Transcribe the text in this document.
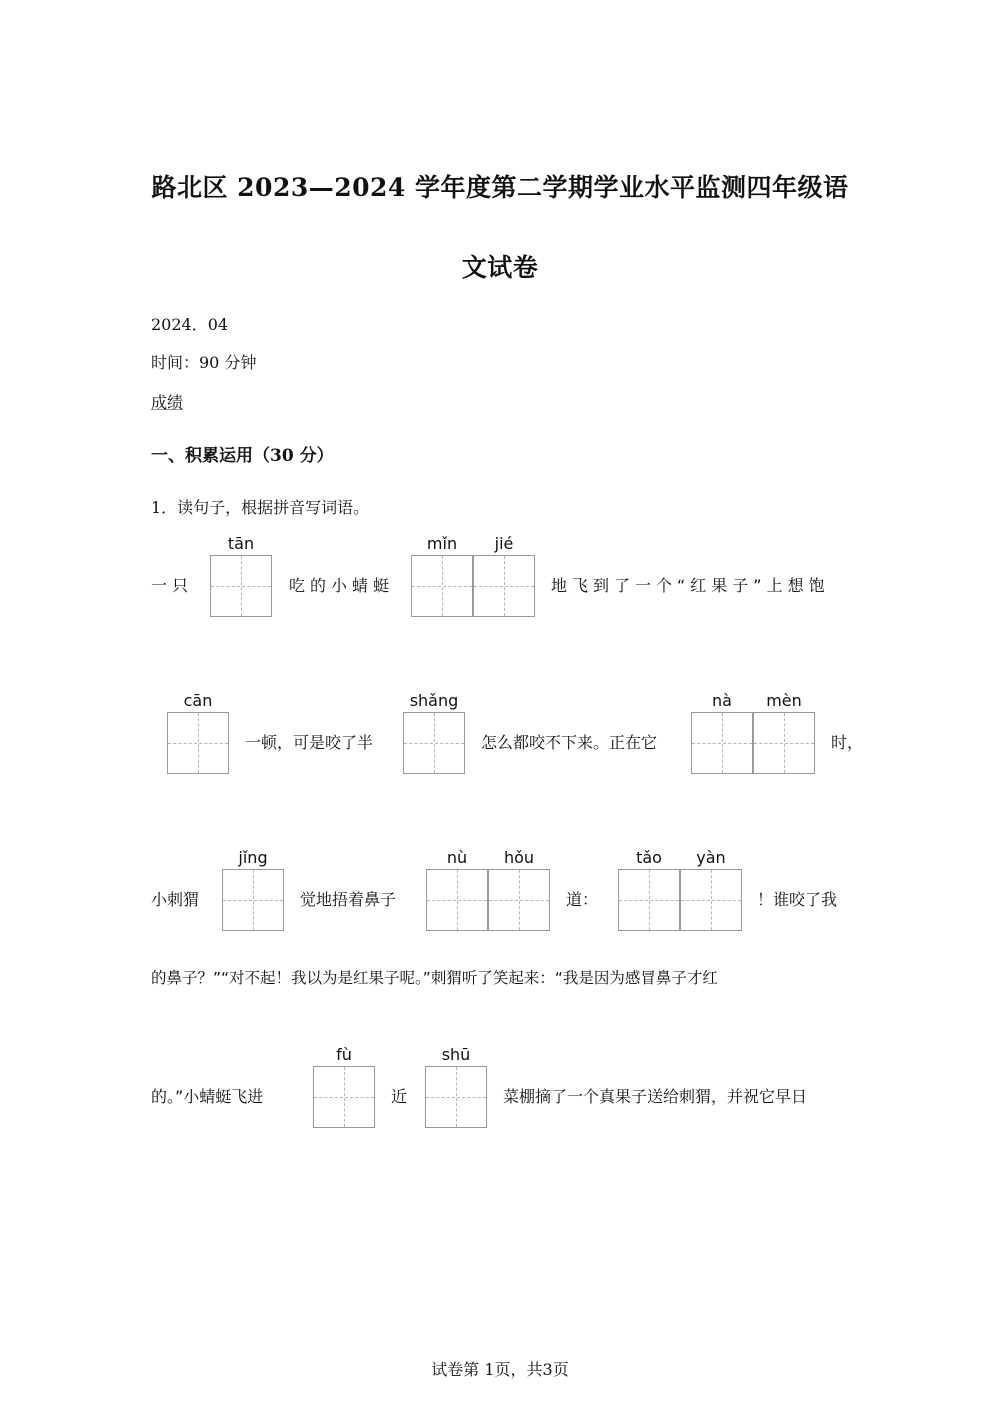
路北区 2023—2024 学年度第二学期学业水平监测四年级语
文试卷
2024．04
时间：90 分钟
成绩
一、积累运用（30 分）
1．读句子，根据拼音写词语。
一只
tān
吃的小蜻蜓
mǐn	jié
地飞到了一个“红果子”上想饱
cān
一顿，可是咬了半
shǎng
怎么都咬不下来。正在它
nà	mèn
时，
小刺猬
jǐng
觉地捂着鼻子
nù	hǒu
道：
tǎo	yàn
！谁咬了我
的鼻子？”“对不起！我以为是红果子呢。”刺猬听了笑起来：“我是因为感冒鼻子才红
的。”小蜻蜓飞进
fù
近
shū
菜棚摘了一个真果子送给刺猬，并祝它早日
试卷第 1页，共3页
